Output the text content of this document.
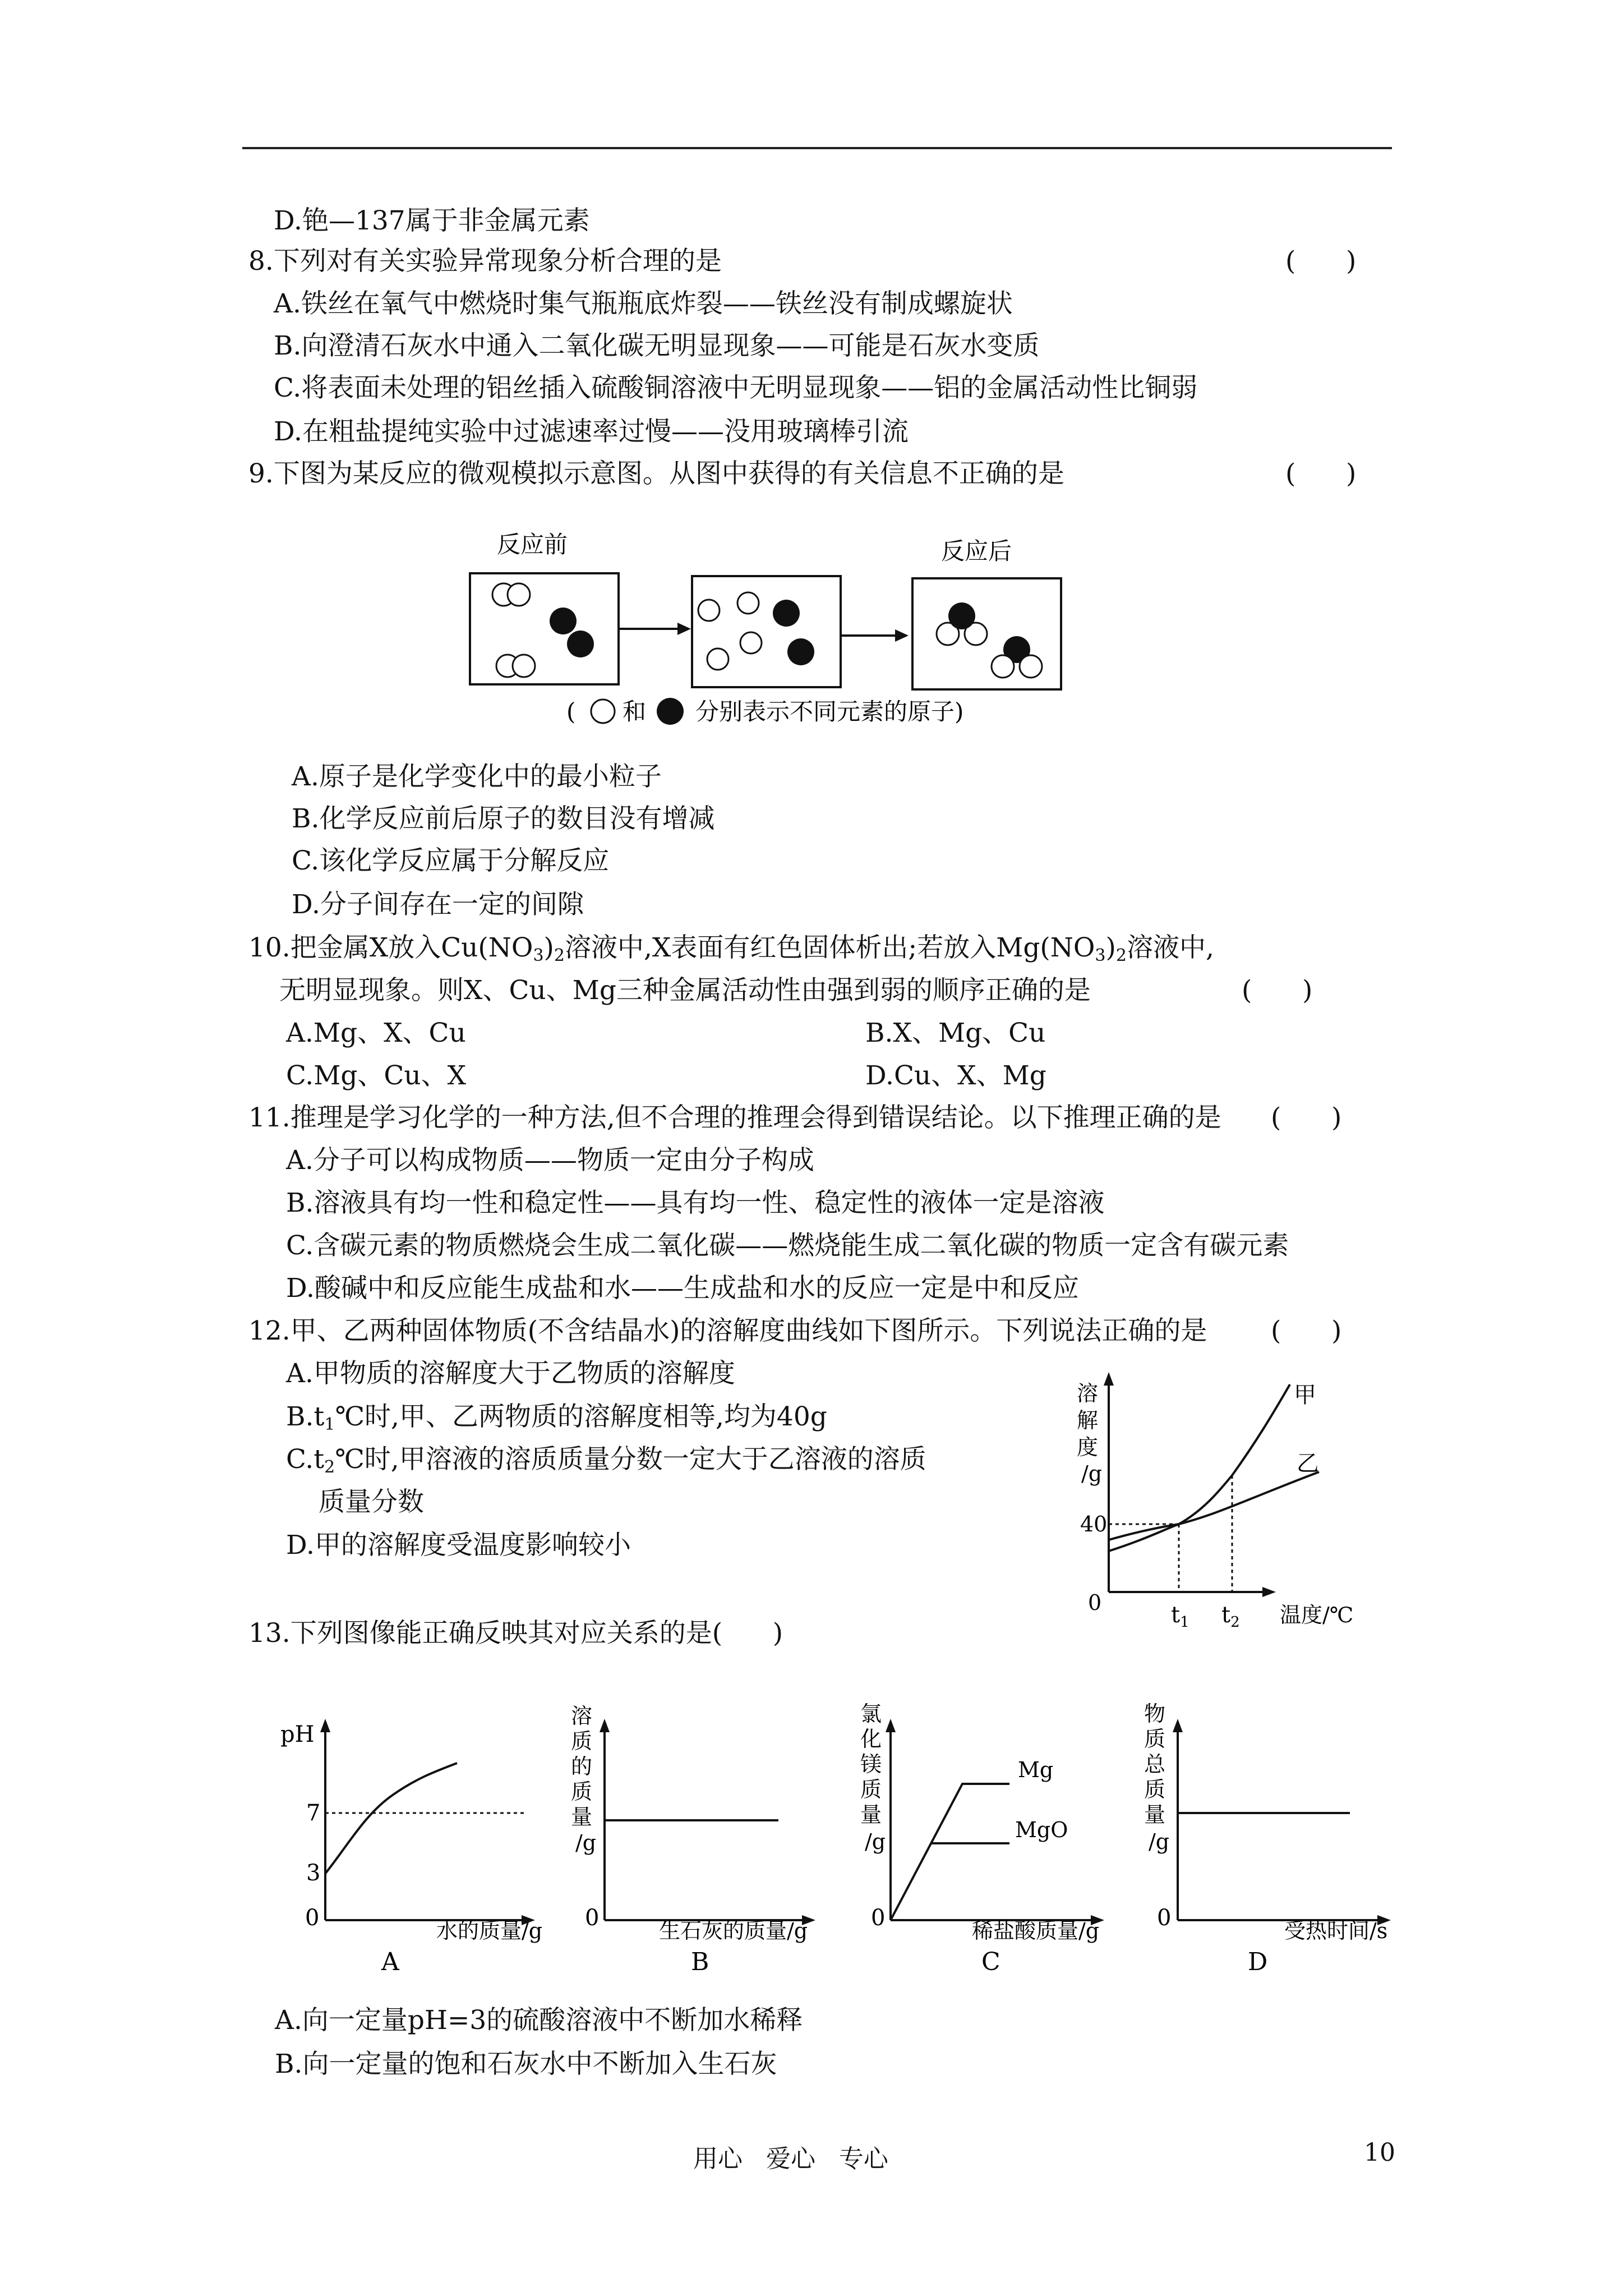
D.铯—137属于非金属元素
8.下列对有关实验异常现象分析合理的是	(      )
A.铁丝在氧气中燃烧时集气瓶瓶底炸裂——铁丝没有制成螺旋状
B.向澄清石灰水中通入二氧化碳无明显现象——可能是石灰水变质
C.将表面未处理的铝丝插入硫酸铜溶液中无明显现象——铝的金属活动性比铜弱
D.在粗盐提纯实验中过滤速率过慢——没用玻璃棒引流
9.下图为某反应的微观模拟示意图。从图中获得的有关信息不正确的是	(      )
反应前	反应后
( 和 分别表示不同元素的原子)
A.原子是化学变化中的最小粒子
B.化学反应前后原子的数目没有增减
C.该化学反应属于分解反应
D.分子间存在一定的间隙
10.把金属X放入$Cu(NO_3)_2$溶液中,X表面有红色固体析出;若放入$Mg(NO_3)_2$溶液中,
无明显现象。则X、Cu、Mg三种金属活动性由强到弱的顺序正确的是	(      )
A.Mg、X、Cu	B.X、Mg、Cu
C.Mg、Cu、X	D.Cu、X、Mg
11.推理是学习化学的一种方法,但不合理的推理会得到错误结论。以下推理正确的是 (      )
A.分子可以构成物质——物质一定由分子构成
B.溶液具有均一性和稳定性——具有均一性、稳定性的液体一定是溶液
C.含碳元素的物质燃烧会生成二氧化碳——燃烧能生成二氧化碳的物质一定含有碳元素
D.酸碱中和反应能生成盐和水——生成盐和水的反应一定是中和反应
12.甲、乙两种固体物质(不含结晶水)的溶解度曲线如下图所示。下列说法正确的是 (      )
A.甲物质的溶解度大于乙物质的溶解度
$B.t_1℃$时,甲、乙两物质的溶解度相等,均为40g
$C.t_2℃$时,甲溶液的溶质质量分数一定大于乙溶液的溶质
质量分数
D.甲的溶解度受温度影响较小
溶
解
度
/g
0
40
甲
乙
$t_1$ $t_2$ 温度/℃
13.下列图像能正确反映其对应关系的是(      )
pH
0
7
3
水的质量/g
A
溶
质
的
质
量
/g
0	生石灰的质量/g
B
氯
化
镁
质
量
/g
0
Mg
MgO
稀盐酸质量/g
C
物
质
总
质
量
/g
0	受热时间/s
D
A.向一定量pH=3的硫酸溶液中不断加水稀释
B.向一定量的饱和石灰水中不断加入生石灰
用心   爱心   专心	10
